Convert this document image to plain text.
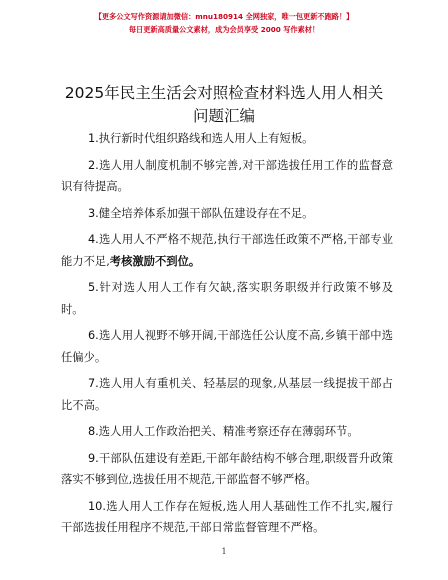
【更多公文写作资源请加微信：mnu180914 全网独家，唯一包更新不跑路！】
每日更新高质量公文素材，成为会员享受 2000 写作素材！
2025年民主生活会对照检查材料选人用人相关
问题汇编

1.执行新时代组织路线和选人用人上有短板。

2.选人用人制度机制不够完善,对干部选拔任用工作的监督意识有待提高。

3.健全培养体系加强干部队伍建设存在不足。

4.选人用人不严格不规范,执行干部选任政策不严格,干部专业能力不足,考核激励不到位。

5.针对选人用人工作有欠缺,落实职务职级并行政策不够及时。

6.选人用人视野不够开阔,干部选任公认度不高,乡镇干部中选任偏少。

7.选人用人有重机关、轻基层的现象,从基层一线提拔干部占比不高。

8.选人用人工作政治把关、精准考察还存在薄弱环节。

9.干部队伍建设有差距,干部年龄结构不够合理,职级晋升政策落实不够到位,选拔任用不规范,干部监督不够严格。

10.选人用人工作存在短板,选人用人基础性工作不扎实,履行干部选拔任用程序不规范,干部日常监督管理不严格。

1
